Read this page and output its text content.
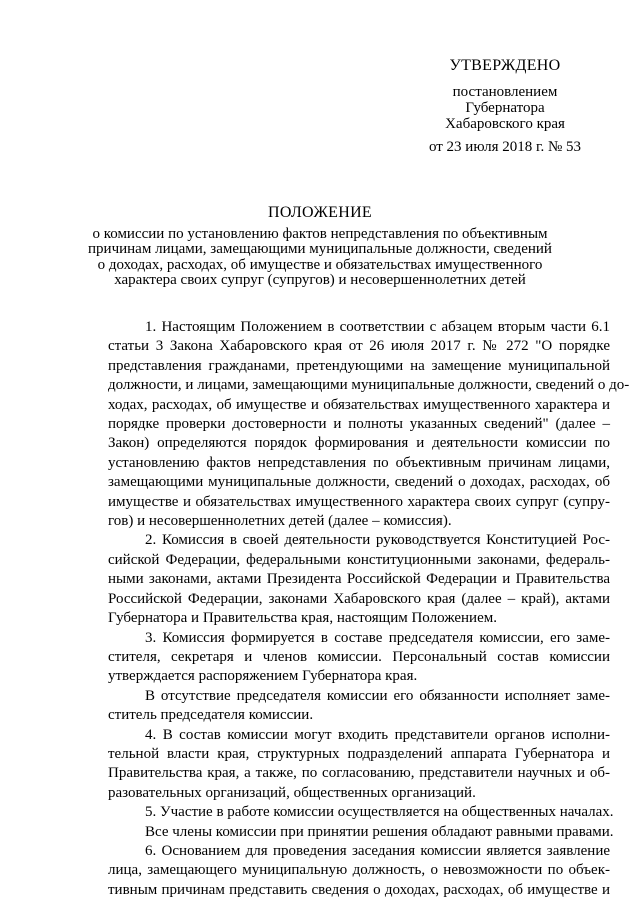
УТВЕРЖДЕНО
постановлением
Губернатора
Хабаровского края
от 23 июля 2018 г. № 53
ПОЛОЖЕНИЕ
о комиссии по установлению фактов непредставления по объективным
причинам лицами, замещающими муниципальные должности, сведений
о доходах, расходах, об имуществе и обязательствах имущественного
характера своих супруг (супругов) и несовершеннолетних детей
1. Настоящим Положением в соответствии с абзацем вторым части 6.1
статьи 3 Закона Хабаровского края от 26 июля 2017 г. № 272 "О порядке
представления гражданами, претендующими на замещение муниципальной
должности, и лицами, замещающими муниципальные должности, сведений о до-
ходах, расходах, об имуществе и обязательствах имущественного характера и
порядке проверки достоверности и полноты указанных сведений" (далее –
Закон) определяются порядок формирования и деятельности комиссии по
установлению фактов непредставления по объективным причинам лицами,
замещающими муниципальные должности, сведений о доходах, расходах, об
имуществе и обязательствах имущественного характера своих супруг (супру-
гов) и несовершеннолетних детей (далее – комиссия).
2. Комиссия в своей деятельности руководствуется Конституцией Рос-
сийской Федерации, федеральными конституционными законами, федераль-
ными законами, актами Президента Российской Федерации и Правительства
Российской Федерации, законами Хабаровского края (далее – край), актами
Губернатора и Правительства края, настоящим Положением.
3. Комиссия формируется в составе председателя комиссии, его заме-
стителя, секретаря и членов комиссии. Персональный состав комиссии
утверждается распоряжением Губернатора края.
В отсутствие председателя комиссии его обязанности исполняет заме-
ститель председателя комиссии.
4. В состав комиссии могут входить представители органов исполни-
тельной власти края, структурных подразделений аппарата Губернатора и
Правительства края, а также, по согласованию, представители научных и об-
разовательных организаций, общественных организаций.
5. Участие в работе комиссии осуществляется на общественных началах.
Все члены комиссии при принятии решения обладают равными правами.
6. Основанием для проведения заседания комиссии является заявление
лица, замещающего муниципальную должность, о невозможности по объек-
тивным причинам представить сведения о доходах, расходах, об имуществе и
